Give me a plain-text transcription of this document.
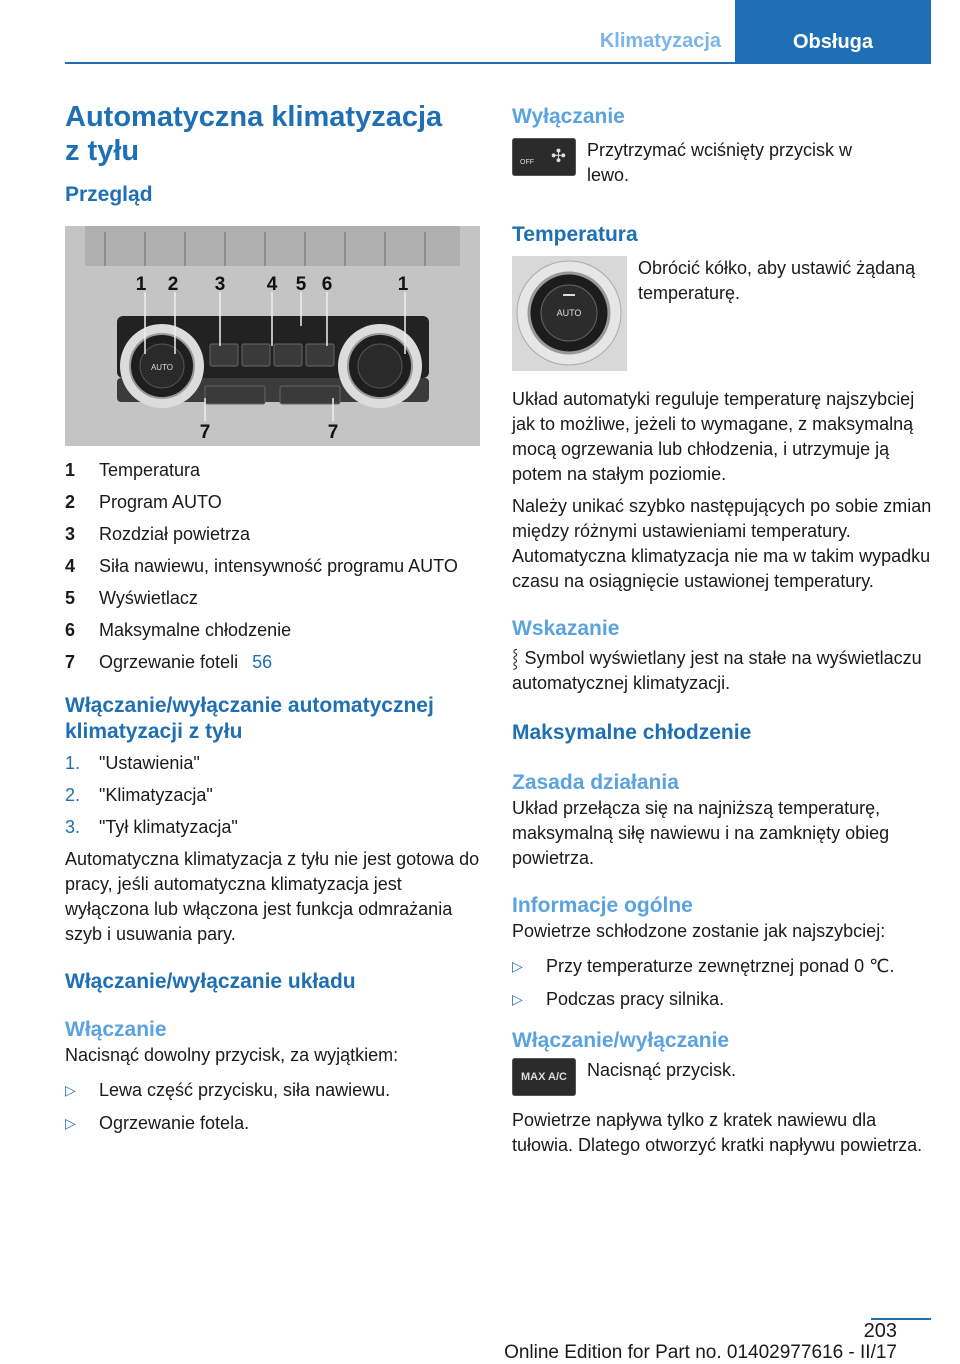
Klimatyzacja	Obsługa
Automatyczna klimatyzacja
z tyłu
Przegląd
AUTO
1 2 3 4 5 6	1
7	7
1	Temperatura
2	Program AUTO
3	Rozdział powietrza
4	Siła nawiewu, intensywność programu AUTO
5	Wyświetlacz
6	Maksymalne chłodzenie
7	Ogrzewanie foteli 56
Włączanie/wyłączanie automatycznej klimatyzacji z tyłu
1.	"Ustawienia"
2.	"Klimatyzacja"
3.	"Tył klimatyzacja"

Automatyczna klimatyzacja z tyłu nie jest gotowa do pracy, jeśli automatyczna klimatyzacja jest wyłączona lub włączona jest funkcja odmrażania szyb i usuwania pary.

Włączanie/wyłączanie układu
Włączanie

Nacisnąć dowolny przycisk, za wyjątkiem:

▷	Lewa część przycisku, siła nawiewu.
▷	Ogrzewanie fotela.
Wyłączanie
OFF ✣ Przytrzymać wciśnięty przycisk w lewo.

Temperatura
AUTO

Obrócić kółko, aby ustawić żądaną temperaturę.

Układ automatyki reguluje temperaturę najszybciej jak to możliwe, jeżeli to wymagane, z maksymalną mocą ogrzewania lub chłodzenia, i utrzymuje ją potem na stałym poziomie.

Należy unikać szybko następujących po sobie zmian między różnymi ustawieniami temperatury. Automatyczna klimatyzacja nie ma w takim wypadku czasu na osiągnięcie ustawionej temperatury.

Wskazanie

⸾ Symbol wyświetlany jest na stałe na wyświetlaczu automatycznej klimatyzacji.

Maksymalne chłodzenie
Zasada działania

Układ przełącza się na najniższą temperaturę, maksymalną siłę nawiewu i na zamknięty obieg powietrza.

Informacje ogólne

Powietrze schłodzone zostanie jak najszybciej:

▷	Przy temperaturze zewnętrznej ponad 0 ℃.
▷	Podczas pracy silnika.
Włączanie/wyłączanie
MAX A/C Nacisnąć przycisk.

Powietrze napływa tylko z kratek nawiewu dla tułowia. Dlatego otworzyć kratki napływu powietrza.

203
Online Edition for Part no. 01402977616 - II/17
